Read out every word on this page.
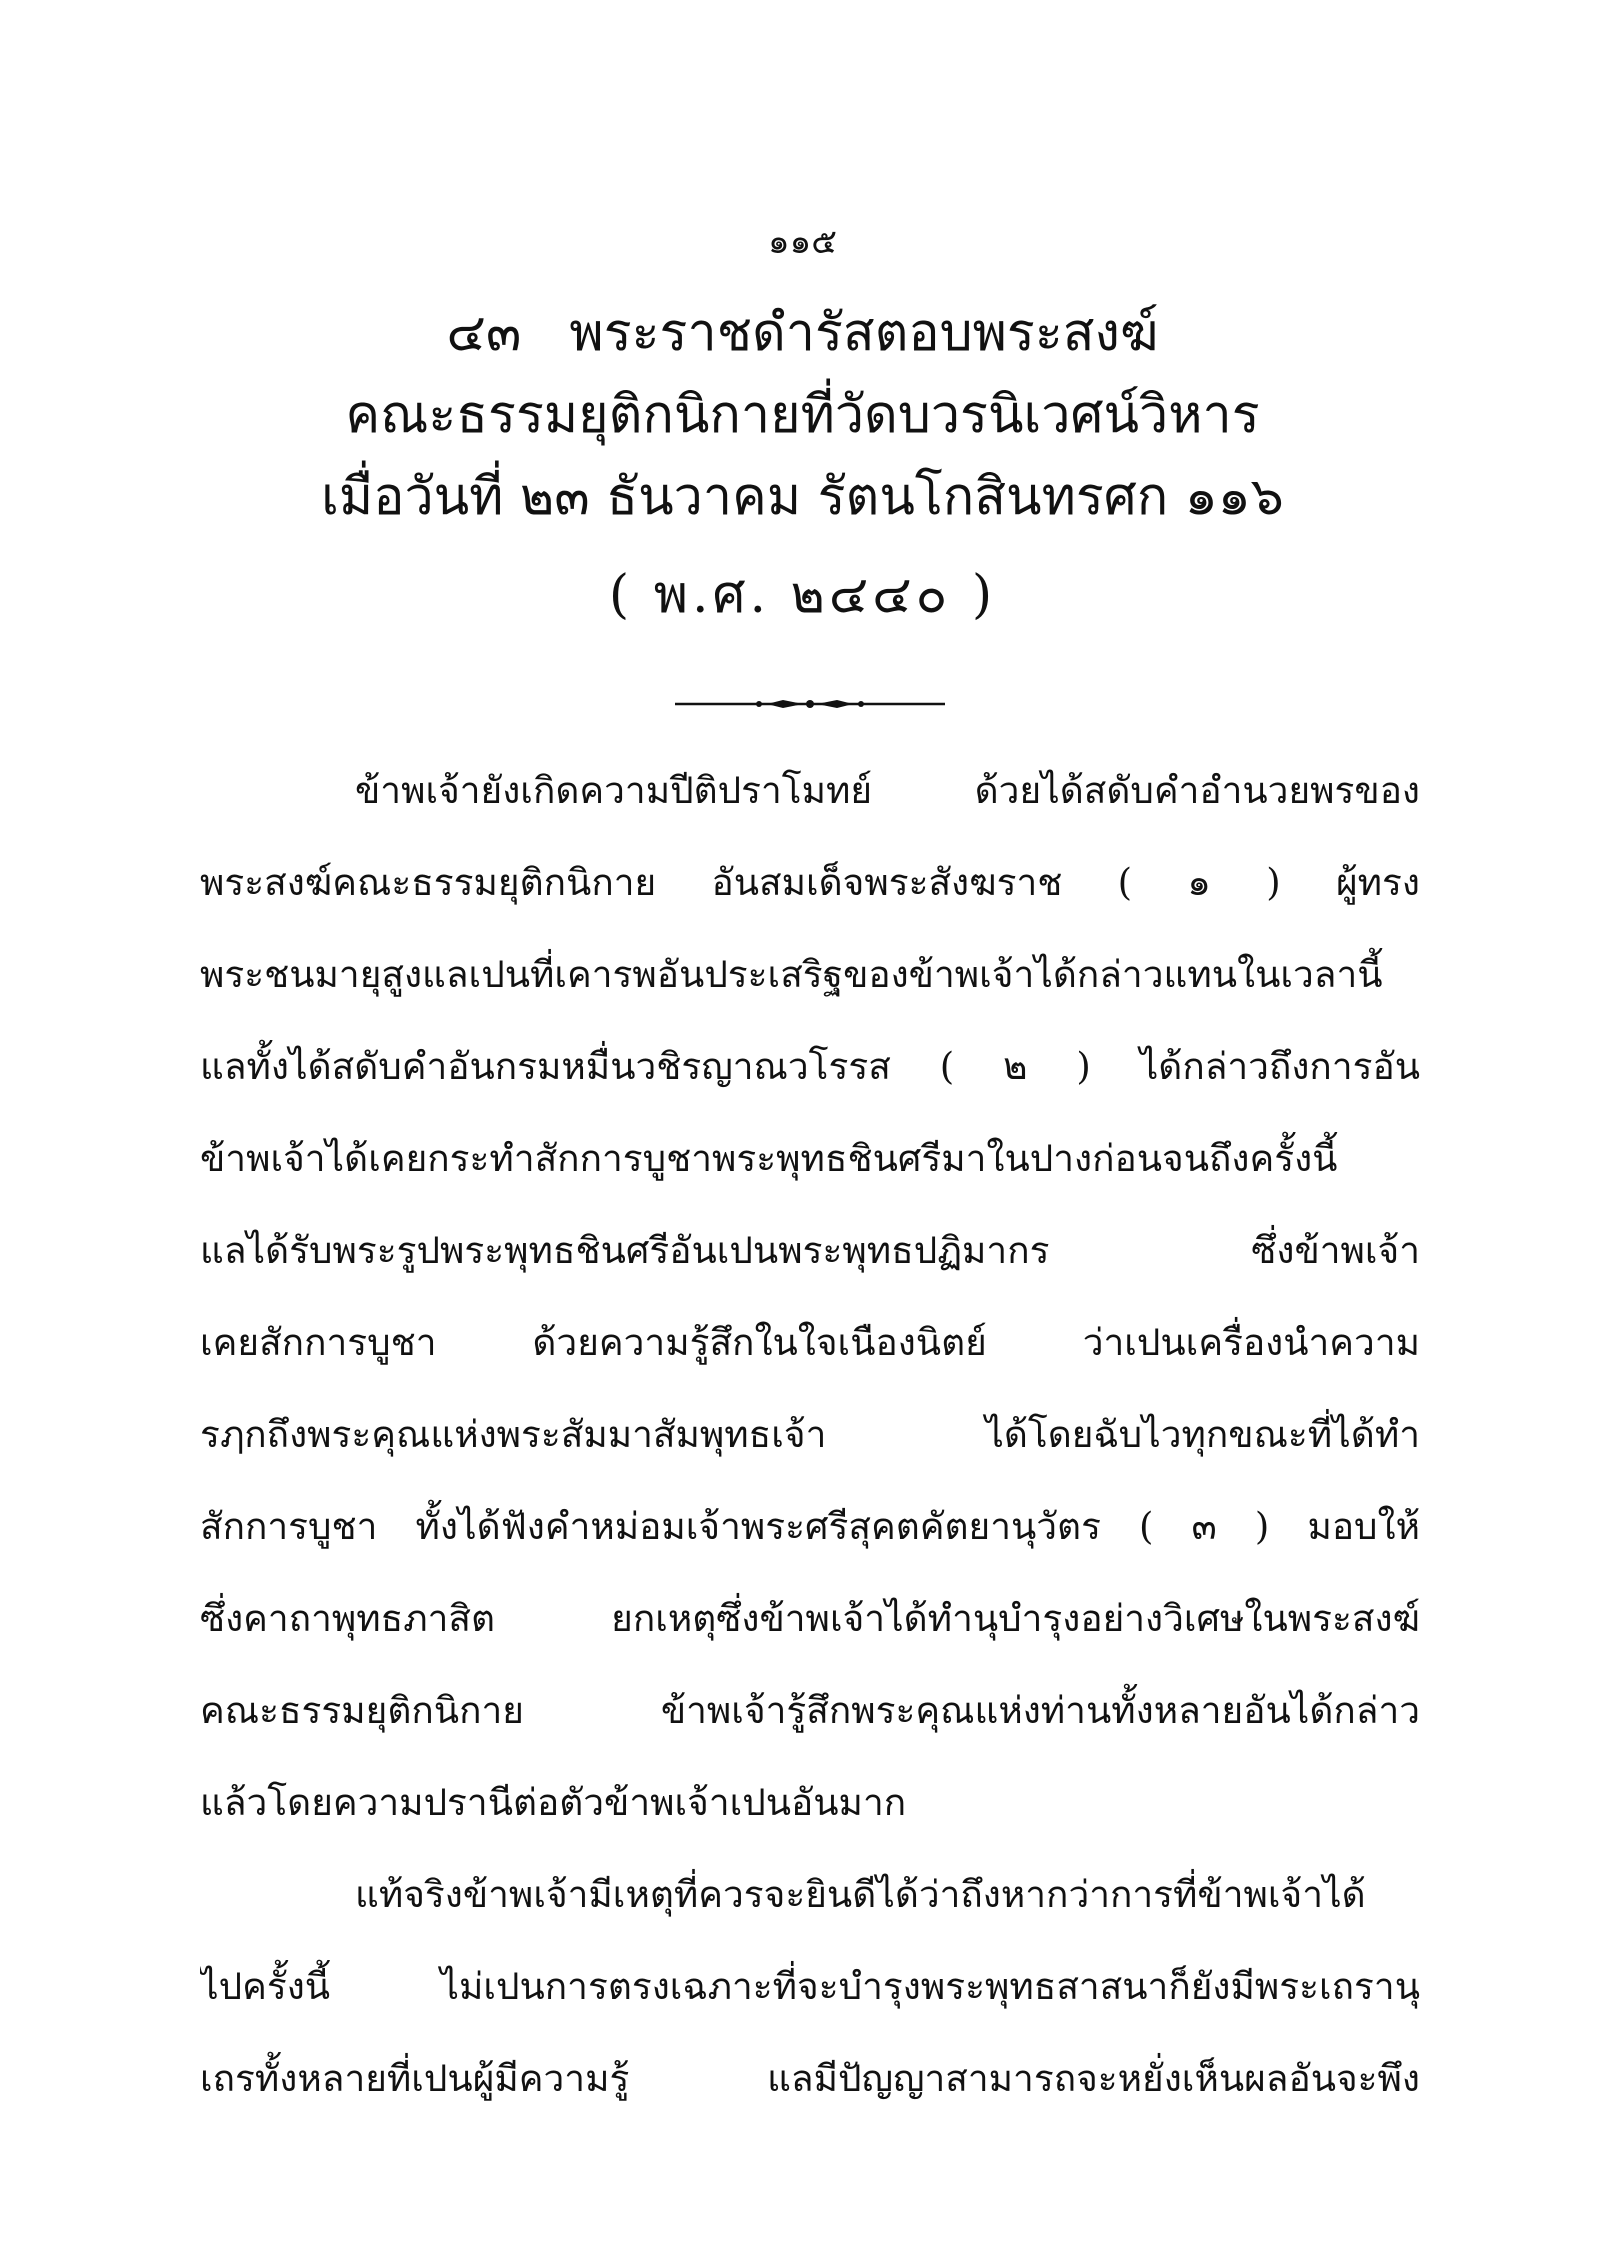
๑๑๕
๔๓ พระราชดำรัสตอบพระสงฆ์
คณะธรรมยุติกนิกายที่วัดบวรนิเวศน์วิหาร
เมื่อวันที่ ๒๓ ธันวาคม รัตนโกสินทรศก ๑๑๖
( พ.ศ. ๒๔๔๐ )
ข้าพเจ้ายังเกิดความปีติปราโมทย์ ด้วยได้สดับคำอำนวยพรของ
พระสงฆ์คณะธรรมยุติกนิกาย อันสมเด็จพระสังฆราช ( ๑ ) ผู้ทรง
พระชนมายุสูงแลเปนที่เคารพอันประเสริฐของข้าพเจ้าได้กล่าวแทนในเวลานี้
แลทั้งได้สดับคำอันกรมหมื่นวชิรญาณวโรรส ( ๒ ) ได้กล่าวถึงการอัน
ข้าพเจ้าได้เคยกระทำสักการบูชาพระพุทธชินศรีมาในปางก่อนจนถึงครั้งนี้
แลได้รับพระรูปพระพุทธชินศรีอันเปนพระพุทธปฏิมากร ซึ่งข้าพเจ้า
เคยสักการบูชา ด้วยความรู้สึกในใจเนืองนิตย์ ว่าเปนเครื่องนำความ
รฦกถึงพระคุณแห่งพระสัมมาสัมพุทธเจ้า ได้โดยฉับไวทุกขณะที่ได้ทำ
สักการบูชา ทั้งได้ฟังคำหม่อมเจ้าพระศรีสุคตคัตยานุวัตร ( ๓ ) มอบให้
ซึ่งคาถาพุทธภาสิต ยกเหตุซึ่งข้าพเจ้าได้ทำนุบำรุงอย่างวิเศษในพระสงฆ์
คณะธรรมยุติกนิกาย ข้าพเจ้ารู้สึกพระคุณแห่งท่านทั้งหลายอันได้กล่าว
แล้วโดยความปรานีต่อตัวข้าพเจ้าเปนอันมาก
แท้จริงข้าพเจ้ามีเหตุที่ควรจะยินดีได้ว่าถึงหากว่าการที่ข้าพเจ้าได้
ไปครั้งนี้ ไม่เปนการตรงเฉภาะที่จะบำรุงพระพุทธสาสนาก็ยังมีพระเถรานุ
เถรทั้งหลายที่เปนผู้มีความรู้ แลมีปัญญาสามารถจะหยั่งเห็นผลอันจะพึง
